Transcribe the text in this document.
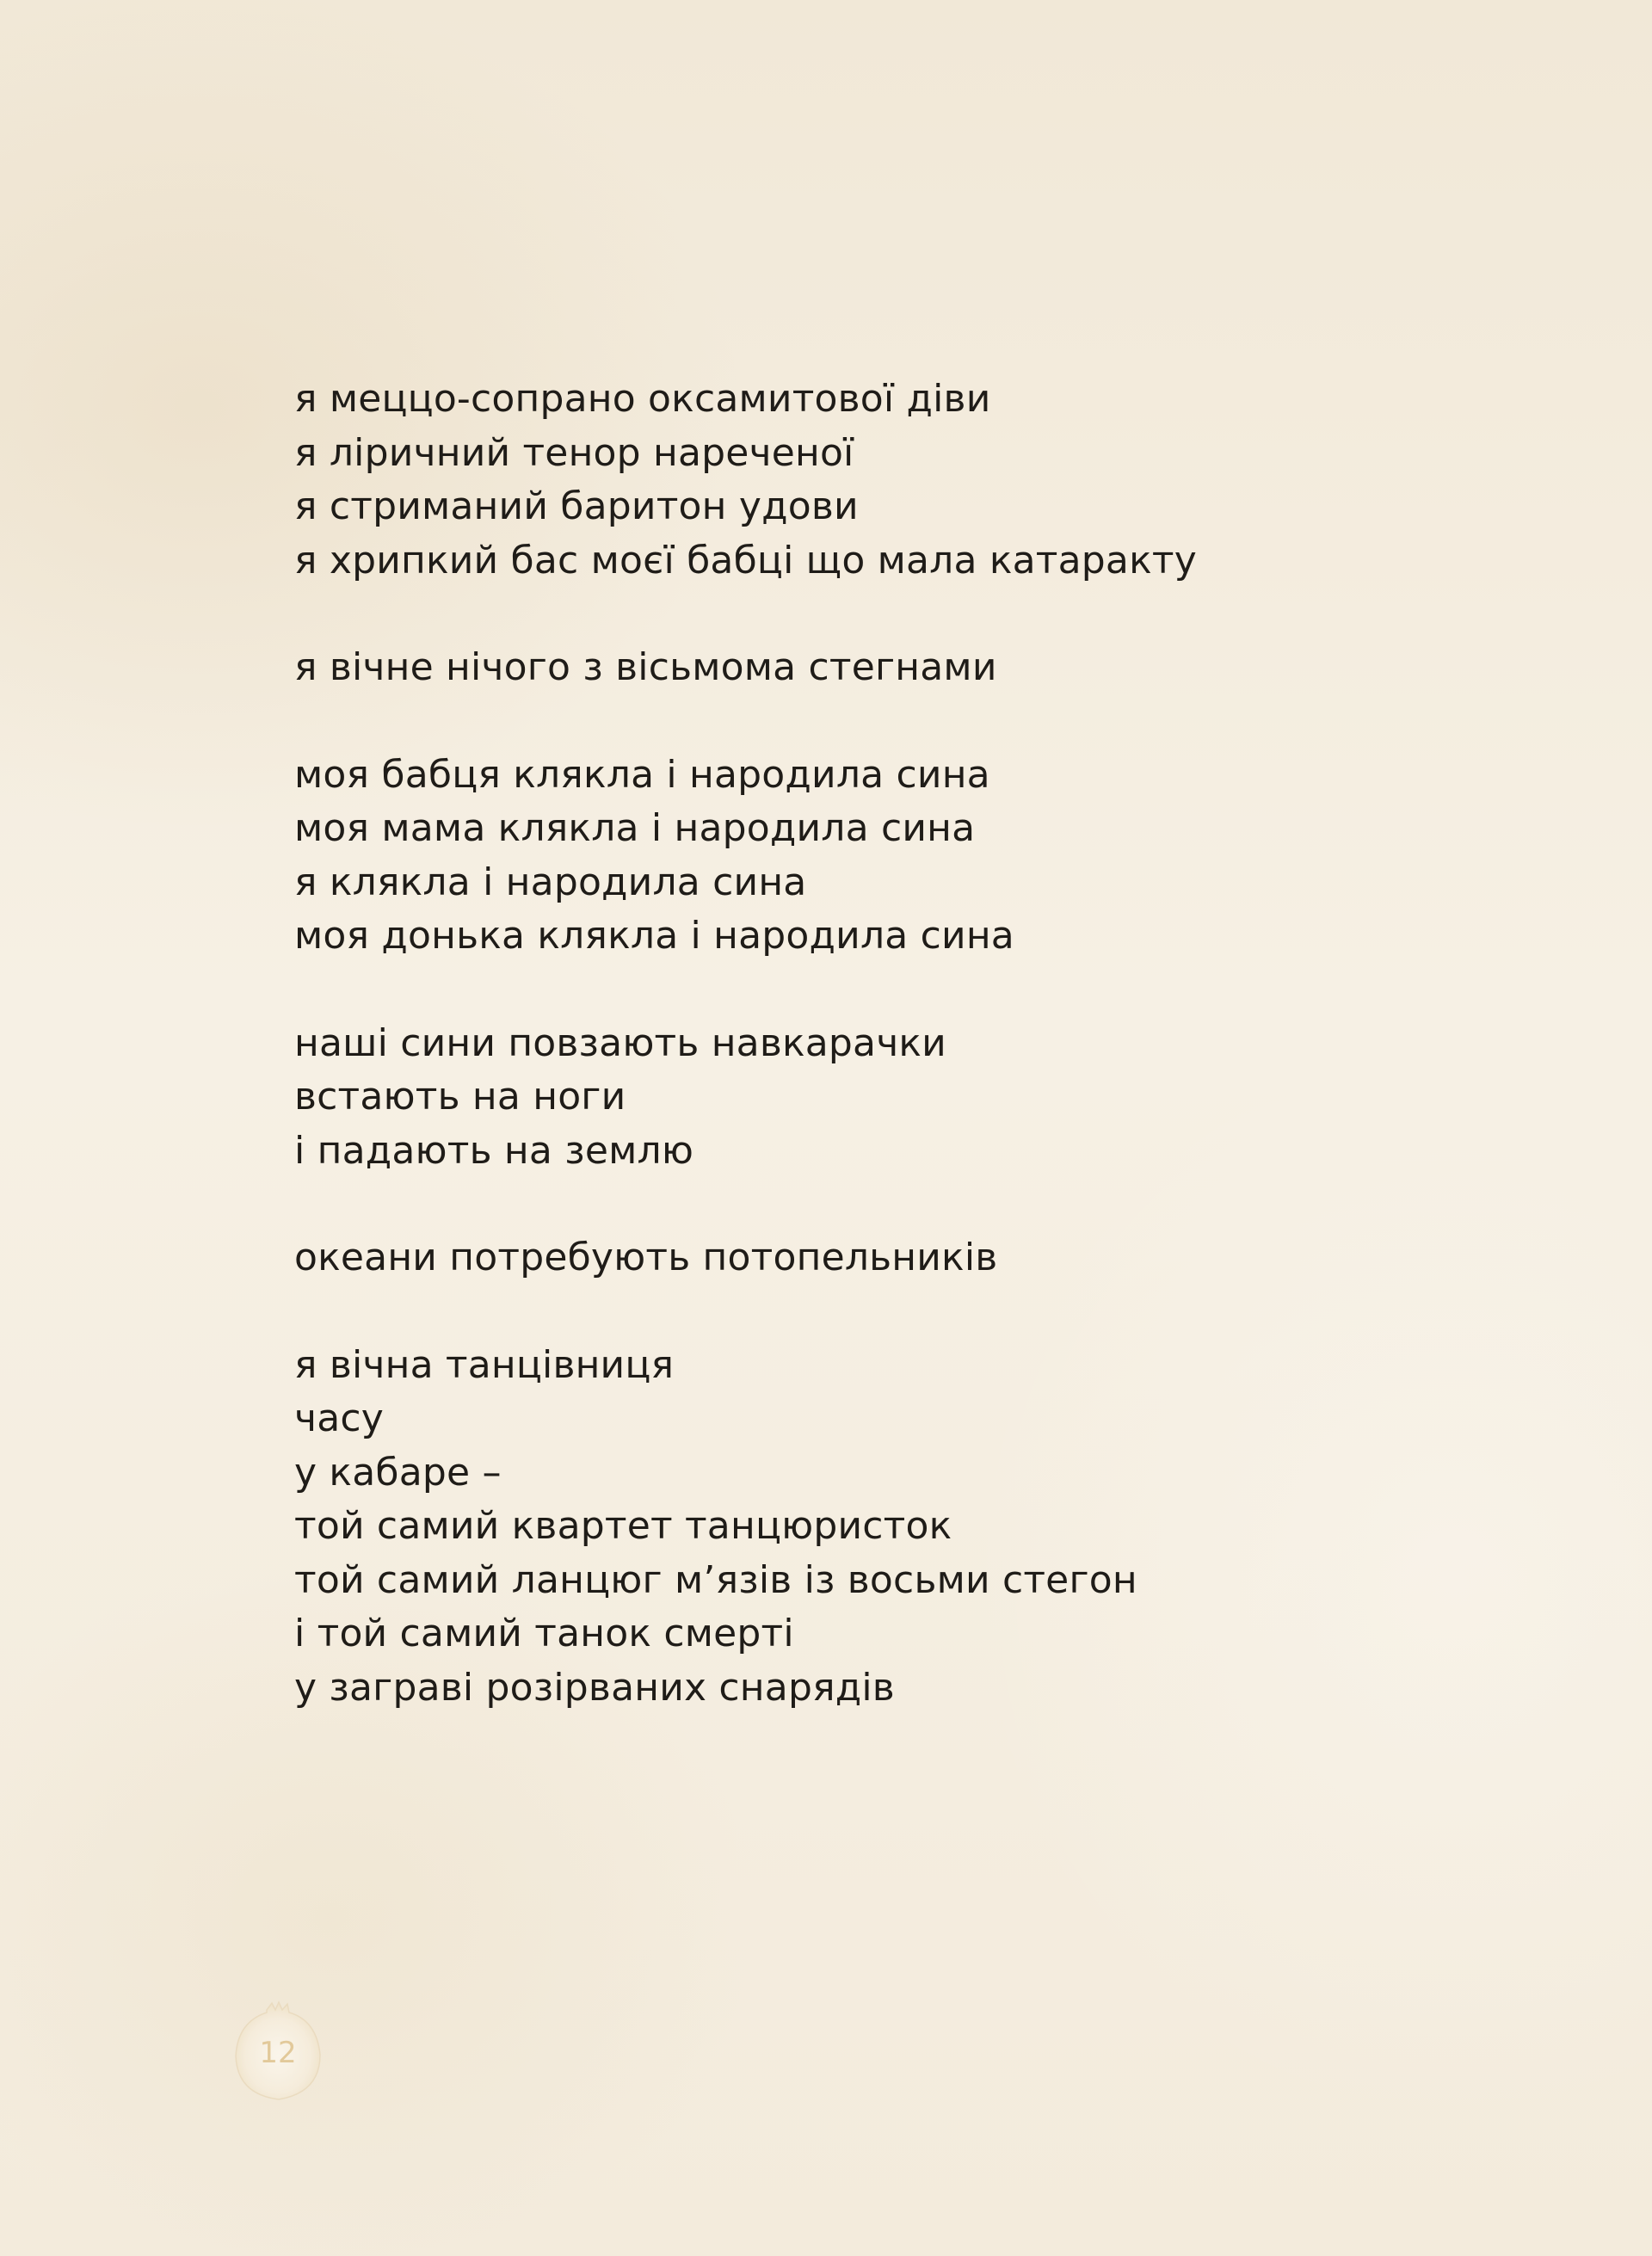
я меццо-сопрано оксамитової діви
я ліричний тенор нареченої
я стриманий баритон удови
я хрипкий бас моєї бабці що мала катаракту
я вічне нічого з вісьмома стегнами
моя бабця клякла і народила сина
моя мама клякла і народила сина
я клякла і народила сина
моя донька клякла і народила сина
наші сини повзають навкарачки
встають на ноги
і падають на землю
океани потребують потопельників
я вічна танцівниця
часу
у кабаре –
той самий квартет танцюристок
той самий ланцюг м’язів із восьми стегон
і той самий танок смерті
у заграві розірваних снарядів
12
